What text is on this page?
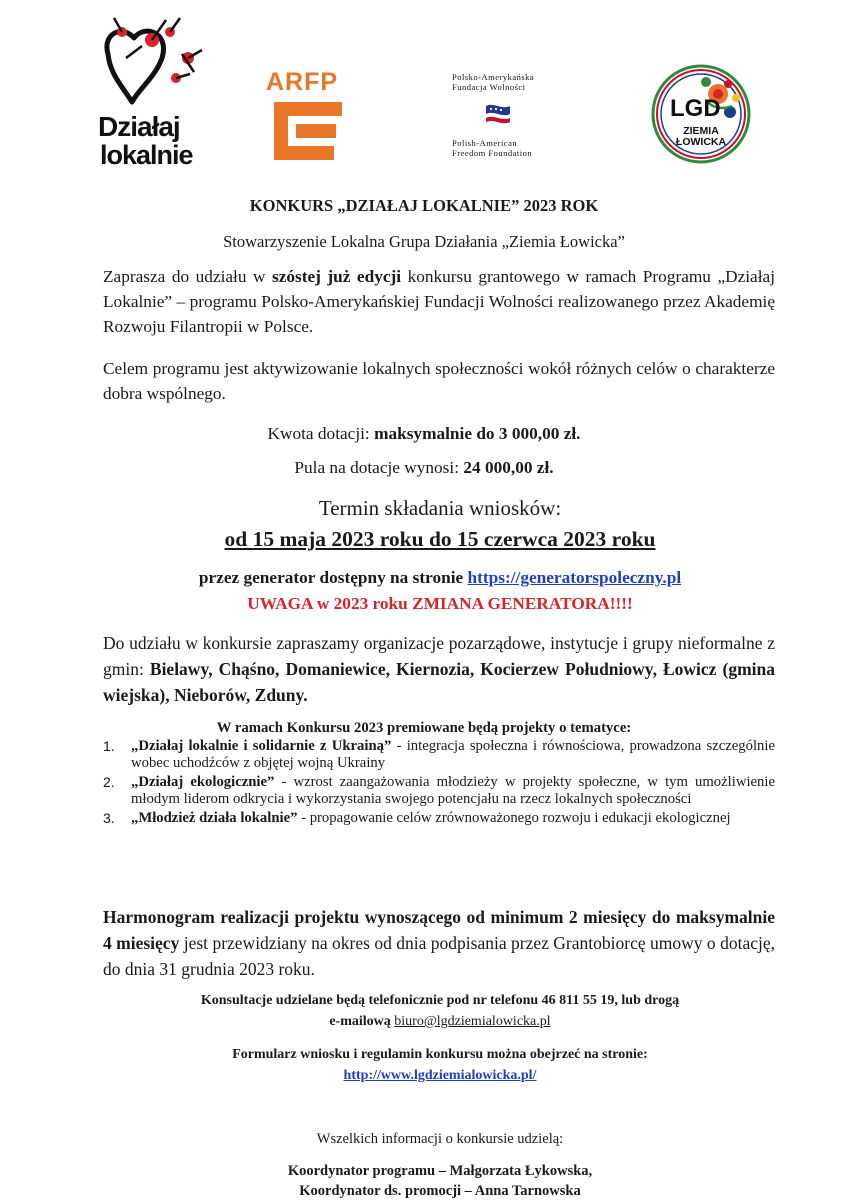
Działaj
lokalnie
ARFP	Polsko-Amerykańska
Fundacja Wolności
Polish-American
Freedom Foundation
LGD
ZIEMIA
ŁOWICKA
KONKURS „DZIAŁAJ LOKALNIE” 2023 ROK
Stowarzyszenie Lokalna Grupa Działania „Ziemia Łowicka”
Zaprasza do udziału w szóstej już edycji konkursu grantowego w ramach Programu „Działaj Lokalnie” – programu Polsko-Amerykańskiej Fundacji Wolności realizowanego przez Akademię Rozwoju Filantropii w Polsce.
Celem programu jest aktywizowanie lokalnych społeczności wokół różnych celów o charakterze dobra wspólnego.
Kwota dotacji: maksymalnie do 3 000,00 zł.
Pula na dotacje wynosi: 24 000,00 zł.
Termin składania wniosków:
od 15 maja 2023 roku do 15 czerwca 2023 roku
przez generator dostępny na stronie https://generatorspoleczny.pl
UWAGA w 2023 roku ZMIANA GENERATORA!!!!
Do udziału w konkursie zapraszamy organizacje pozarządowe, instytucje i grupy nieformalne z gmin: Bielawy, Chąśno, Domaniewice, Kiernozia, Kocierzew Południowy, Łowicz (gmina wiejska), Nieborów, Zduny.
W ramach Konkursu 2023 premiowane będą projekty o tematyce:
1. „Działaj lokalnie i solidarnie z Ukrainą” - integracja społeczna i równościowa, prowadzona szczególnie wobec uchodźców z objętej wojną Ukrainy
2. „Działaj ekologicznie” - wzrost zaangażowania młodzieży w projekty społeczne, w tym umożliwienie młodym liderom odkrycia i wykorzystania swojego potencjału na rzecz lokalnych społeczności
3. „Młodzież działa lokalnie” - propagowanie celów zrównoważonego rozwoju i edukacji ekologicznej
Harmonogram realizacji projektu wynoszącego od minimum 2 miesięcy do maksymalnie 4 miesięcy jest przewidziany na okres od dnia podpisania przez Grantobiorcę umowy o dotację, do dnia 31 grudnia 2023 roku.
Konsultacje udzielane będą telefonicznie pod nr telefonu 46 811 55 19, lub drogą
e-mailową biuro@lgdziemialowicka.pl
Formularz wniosku i regulamin konkursu można obejrzeć na stronie:
http://www.lgdziemialowicka.pl/
Wszelkich informacji o konkursie udzielą:
Koordynator programu – Małgorzata Łykowska,
Koordynator ds. promocji – Anna Tarnowska
